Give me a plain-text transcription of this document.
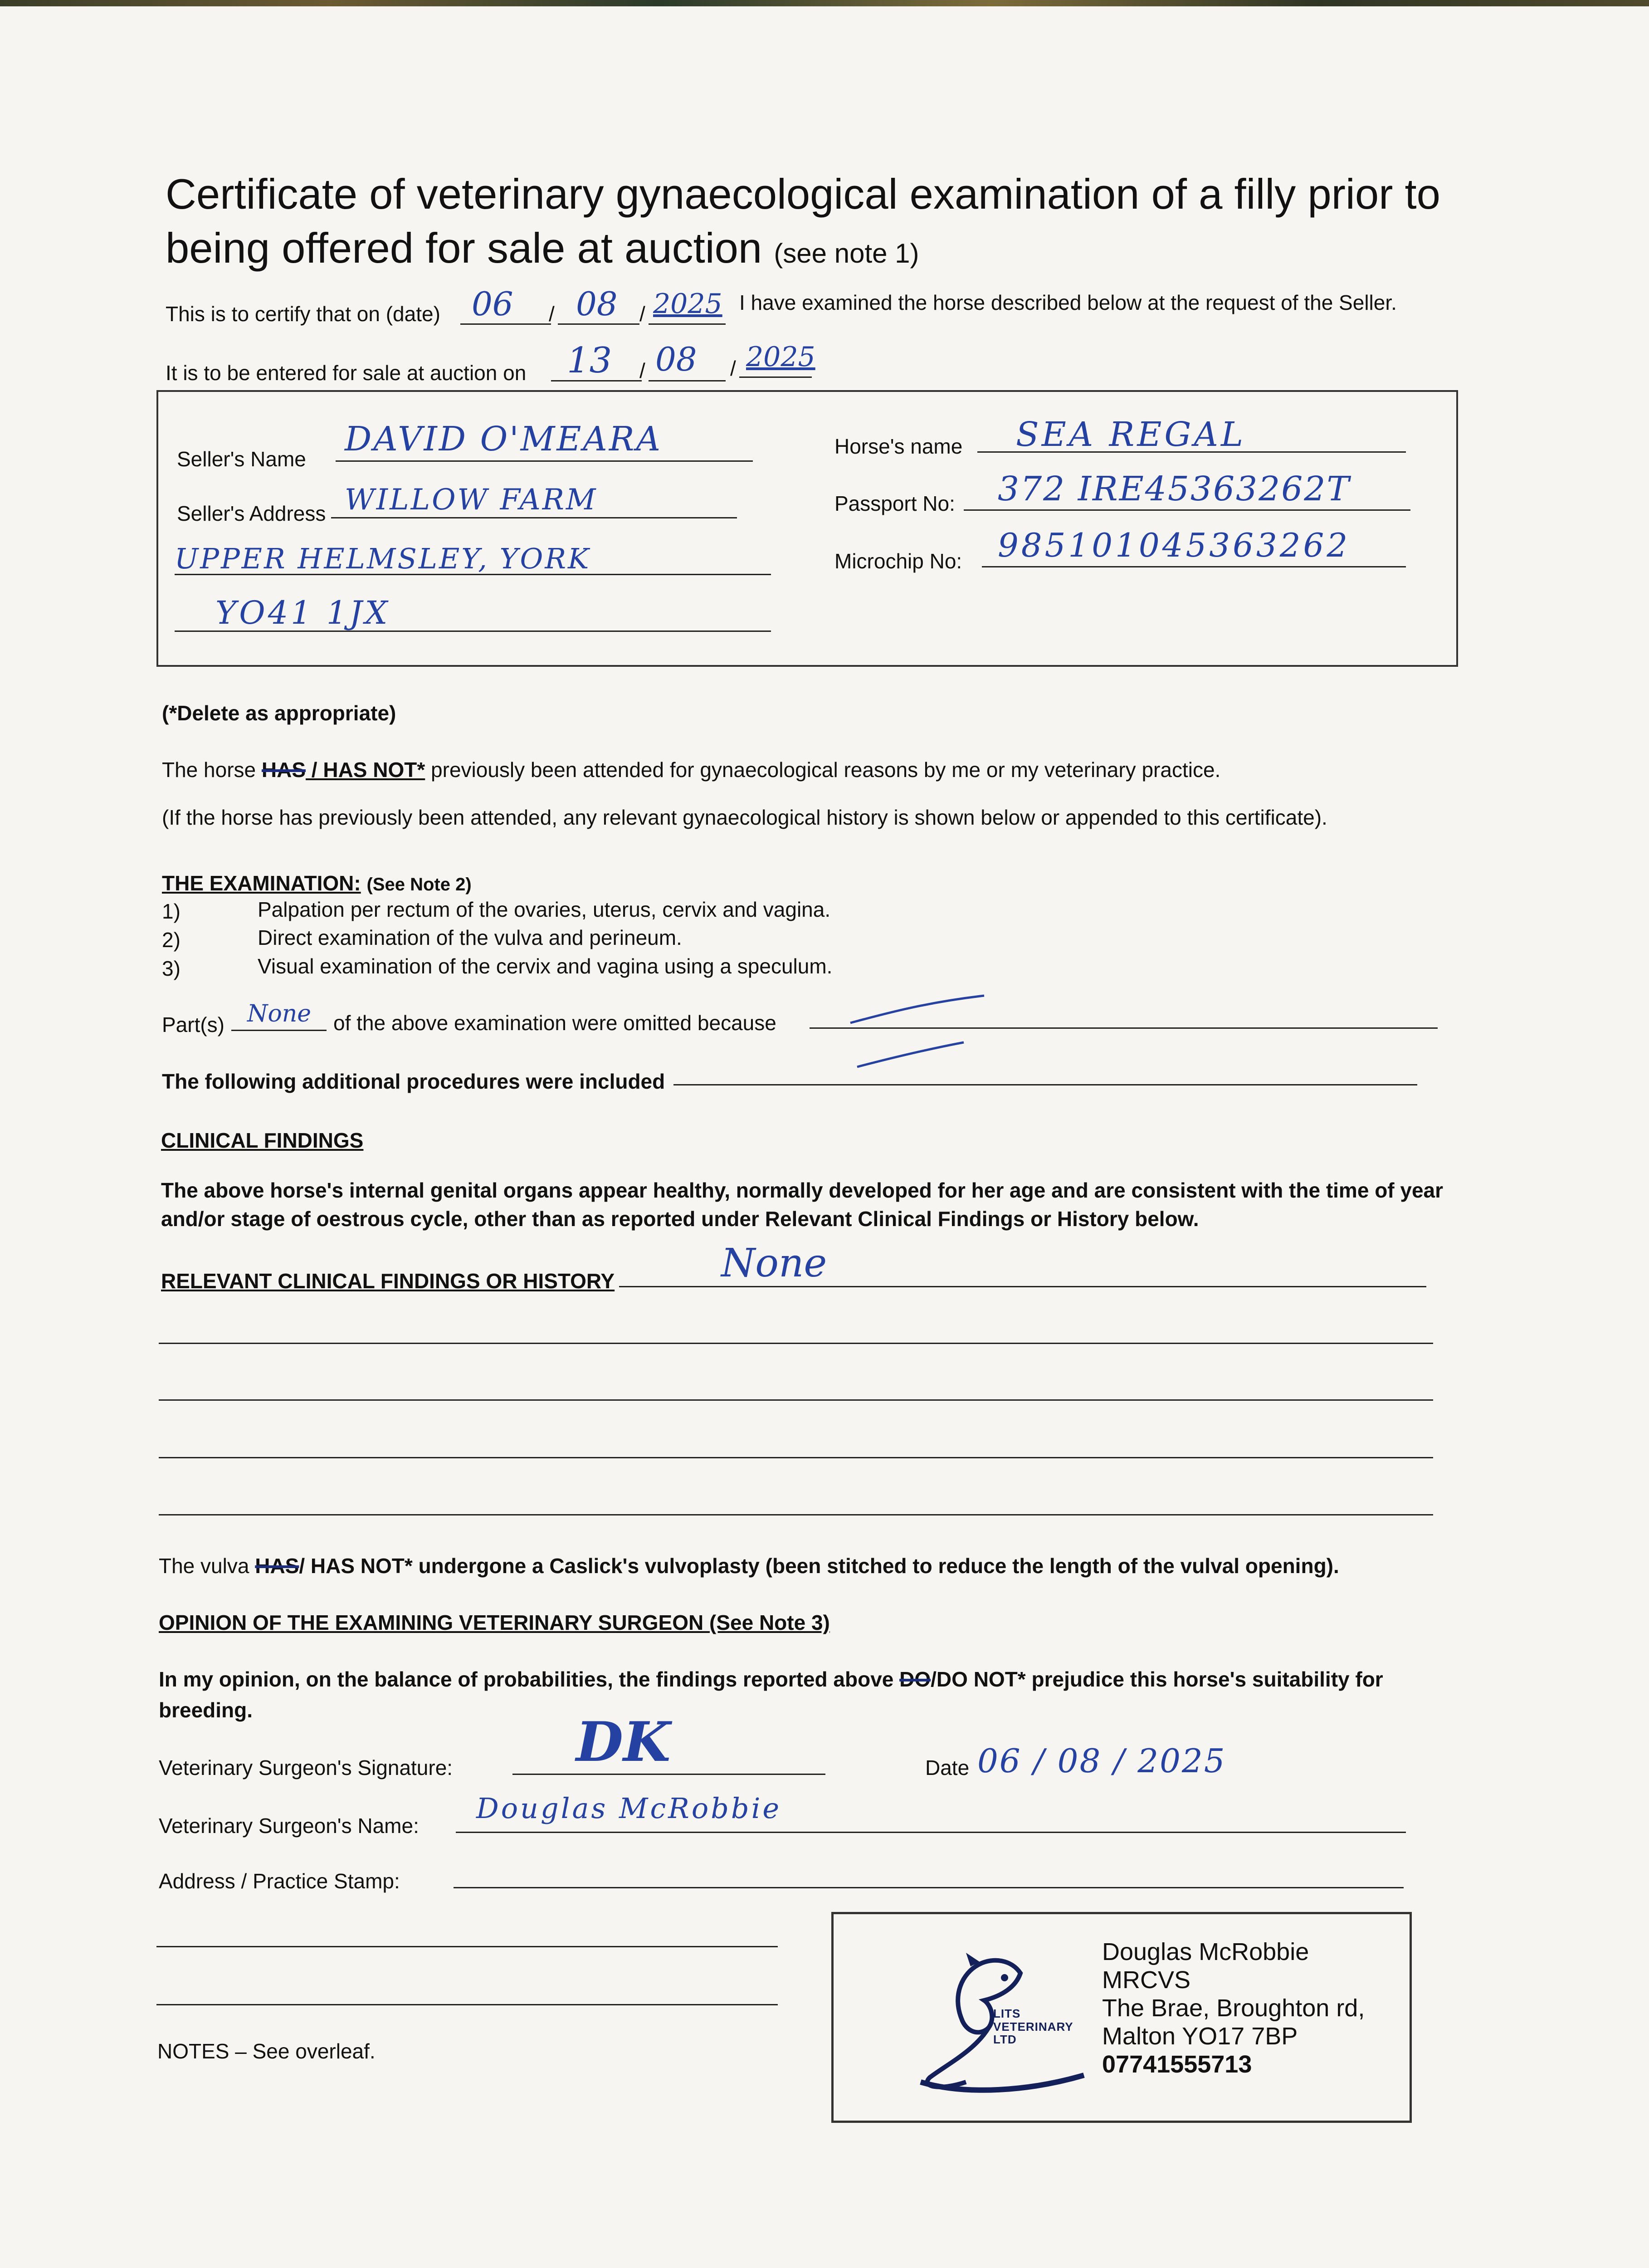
Certificate of veterinary gynaecological examination of a filly prior to
being offered for sale at auction (see note 1)
This is to certify that on (date) 06 / 08 / 2025 I have examined the horse described below at the request of the Seller.
It is to be entered for sale at auction on 13 / 08 / 2025
Seller's Name
DAVID O'MEARA
Seller's Address WILLOW FARM
UPPER HELMSLEY, YORK
YO41 1JX
Horse's name SEA REGAL
Passport No: 372 IRE45363262T
Microchip No: 985101045363262
(*Delete as appropriate)
The horse HAS / HAS NOT* previously been attended for gynaecological reasons by me or my veterinary practice.
(If the horse has previously been attended, any relevant gynaecological history is shown below or appended to this certificate).
THE EXAMINATION: (See Note 2)
1)	Palpation per rectum of the ovaries, uterus, cervix and vagina.
2)	Direct examination of the vulva and perineum.
3)	Visual examination of the cervix and vagina using a speculum.
Part(s) None of the above examination were omitted because
The following additional procedures were included
CLINICAL FINDINGS
The above horse's internal genital organs appear healthy, normally developed for her age and are consistent with the time of year
and/or stage of oestrous cycle, other than as reported under Relevant Clinical Findings or History below.
RELEVANT CLINICAL FINDINGS OR HISTORY	None
The vulva HAS/ HAS NOT* undergone a Caslick's vulvoplasty (been stitched to reduce the length of the vulval opening).
OPINION OF THE EXAMINING VETERINARY SURGEON (See Note 3)
In my opinion, on the balance of probabilities, the findings reported above DO/DO NOT* prejudice this horse's suitability for
breeding.
Veterinary Surgeon's Signature: DK	Date 06 / 08 / 2025
Veterinary Surgeon's Name:
Douglas McRobbie
Address / Practice Stamp:
LITS VETERINARY LTD
Douglas McRobbie
MRCVS
The Brae, Broughton rd,
Malton YO17 7BP
07741555713
NOTES – See overleaf.
